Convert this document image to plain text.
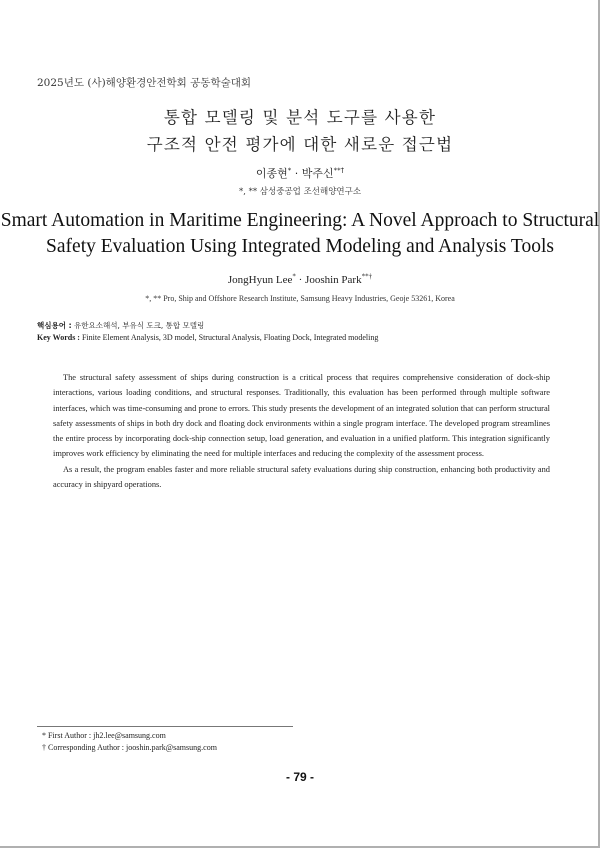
2025년도 (사)해양환경안전학회 공동학술대회
통합 모델링 및 분석 도구를 사용한
구조적 안전 평가에 대한 새로운 접근법
이종현* · 박주신**†
*, ** 삼성중공업 조선해양연구소
Smart Automation in Maritime Engineering: A Novel Approach to Structural
Safety Evaluation Using Integrated Modeling and Analysis Tools
JongHyun Lee* · Jooshin Park**†
*, ** Pro, Ship and Offshore Research Institute, Samsung Heavy Industries, Geoje 53261, Korea
핵심용어 : 유한요소해석, 부유식 도크, 통합 모델링
Key Words : Finite Element Analysis, 3D model, Structural Analysis, Floating Dock, Integrated modeling

The structural safety assessment of ships during construction is a critical process that requires comprehensive consideration of dock-ship interactions, various loading conditions, and structural responses. Traditionally, this evaluation has been performed through multiple software interfaces, which was time-consuming and prone to errors. This study presents the development of an integrated solution that can perform structural safety assessments of ships in both dry dock and floating dock environments within a single program interface. The developed program streamlines the entire process by incorporating dock-ship connection setup, load generation, and evaluation in a unified platform. This integration significantly improves work efficiency by eliminating the need for multiple interfaces and reducing the complexity of the assessment process.

As a result, the program enables faster and more reliable structural safety evaluations during ship construction, enhancing both productivity and accuracy in shipyard operations.

* First Author : jh2.lee@samsung.com
† Corresponding Author : jooshin.park@samsung.com
- 79 -
